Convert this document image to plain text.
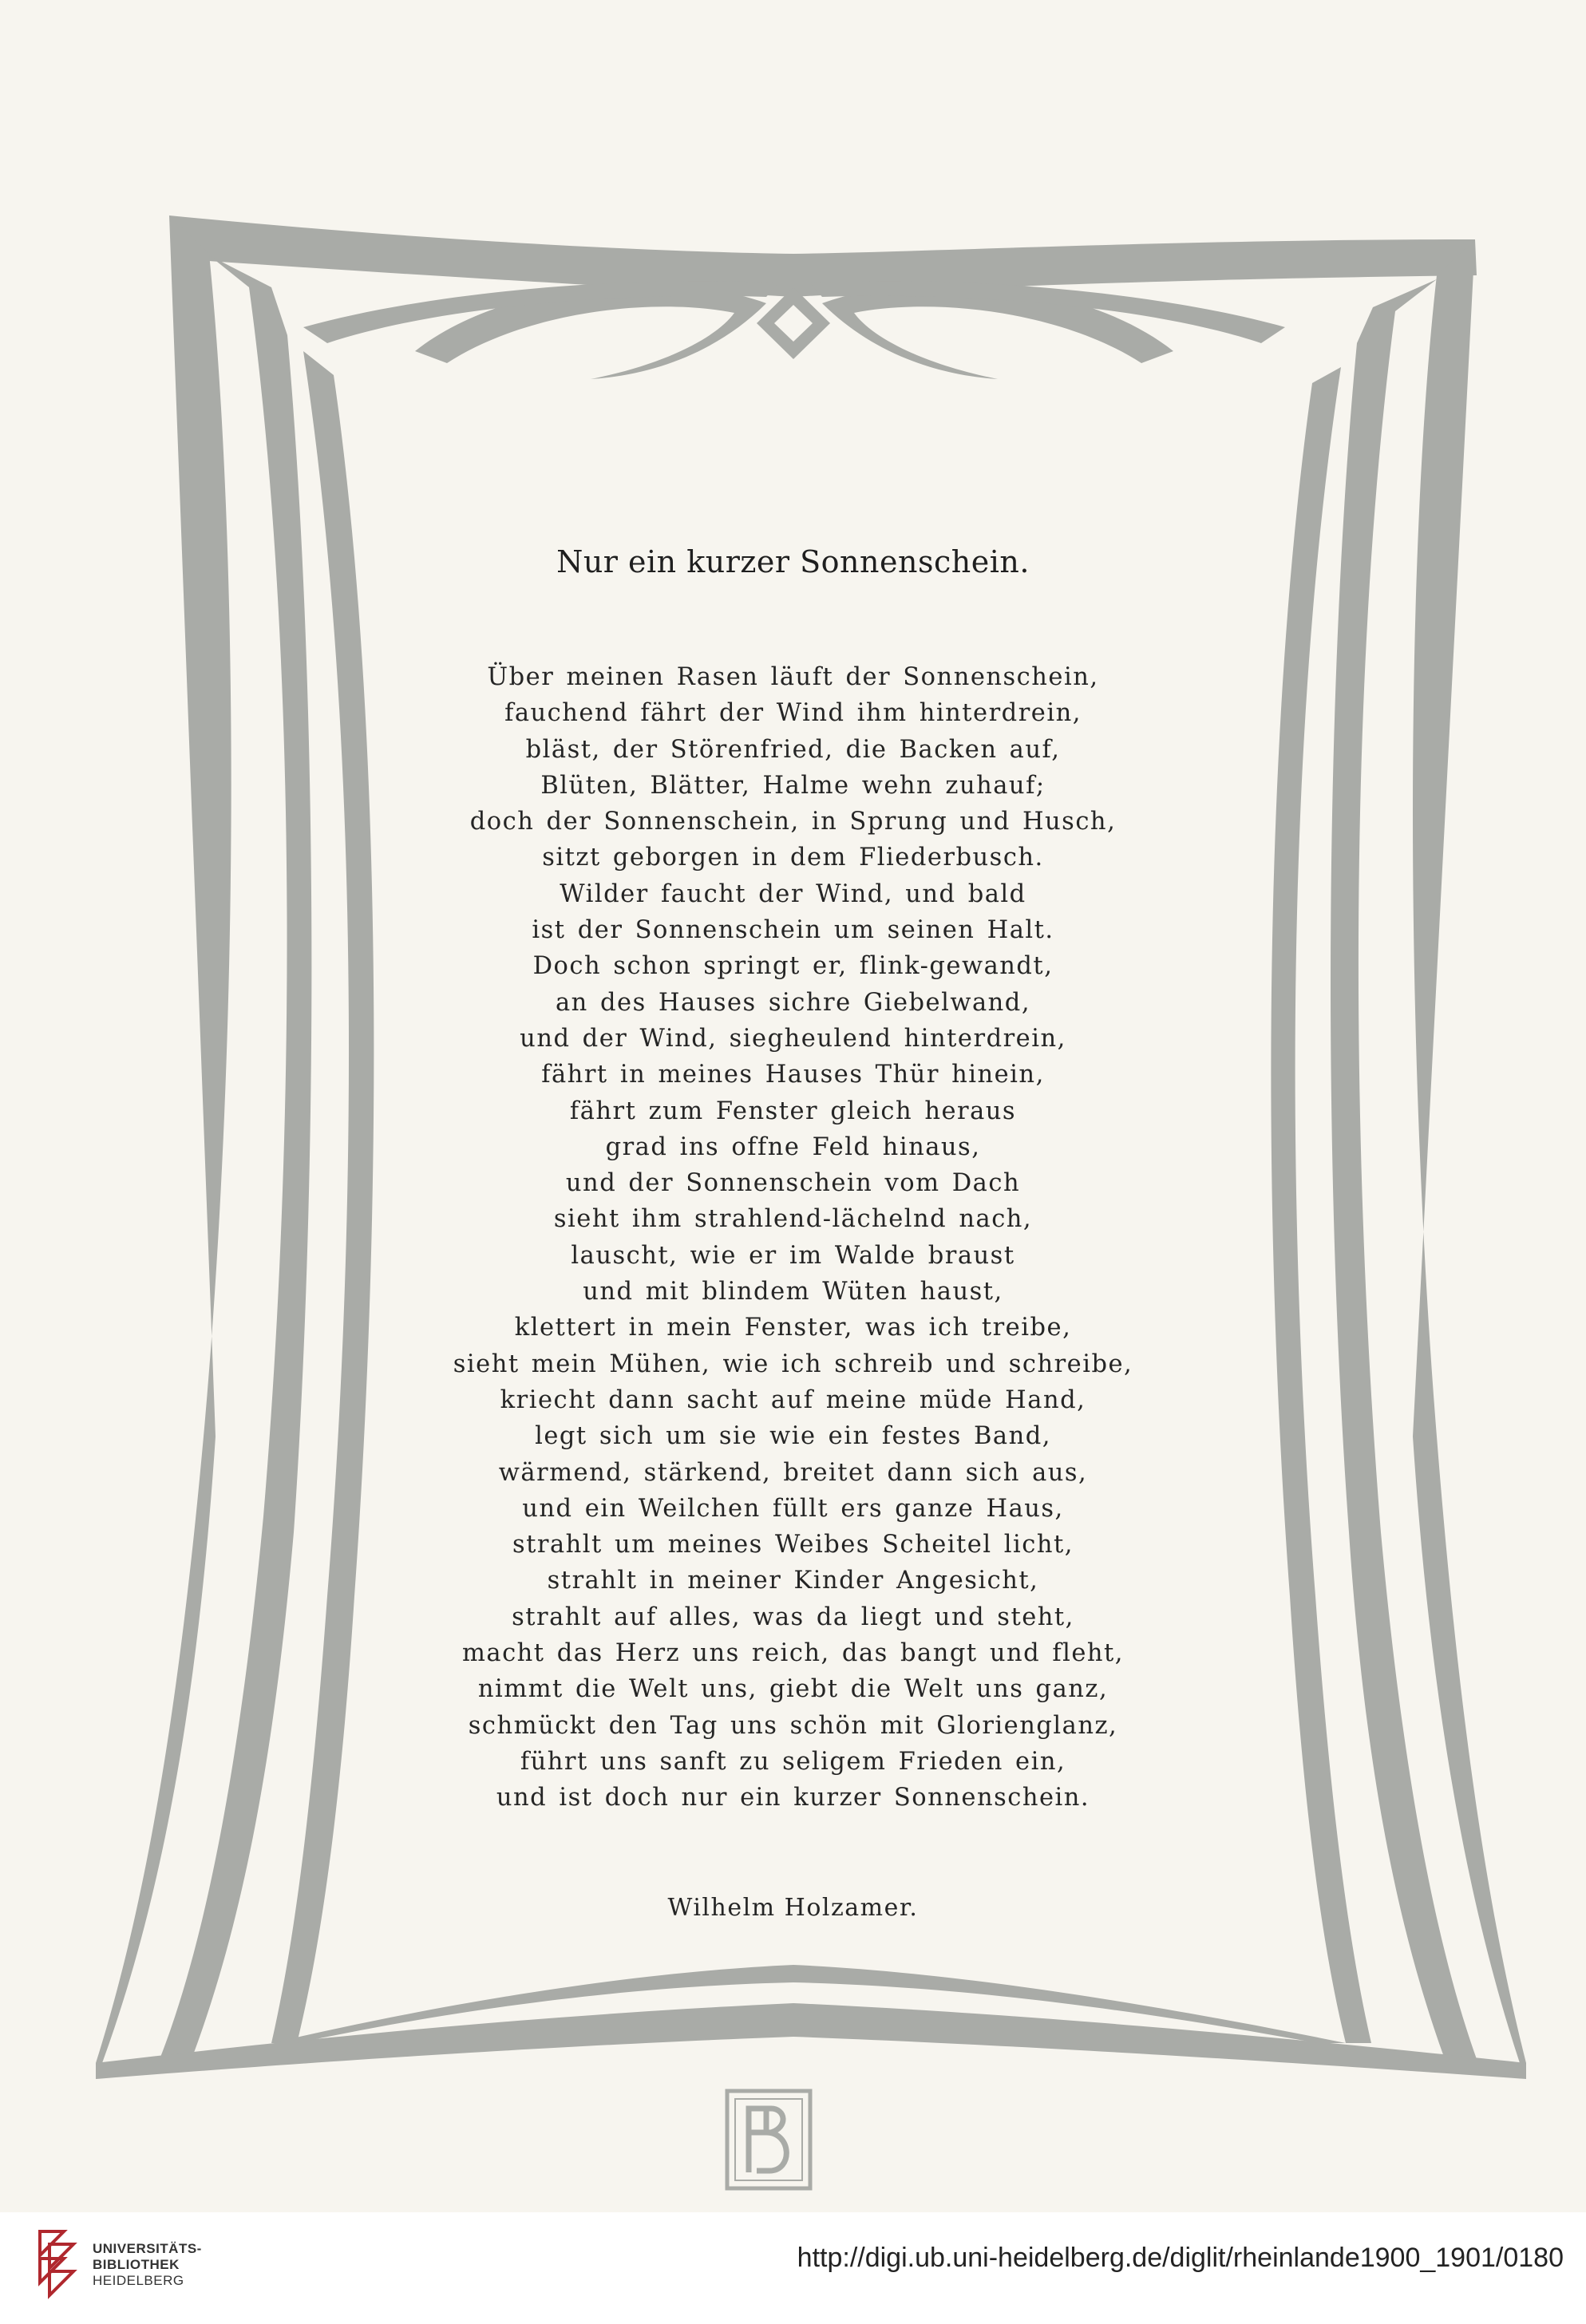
Nur ein kurzer Sonnenschein.
Über meinen Rasen läuft der Sonnenschein,
fauchend fährt der Wind ihm hinterdrein,
bläst, der Störenfried, die Backen auf,
Blüten, Blätter, Halme wehn zuhauf;
doch der Sonnenschein, in Sprung und Husch,
sitzt geborgen in dem Fliederbusch.
Wilder faucht der Wind, und bald
ist der Sonnenschein um seinen Halt.
Doch schon springt er, flink-gewandt,
an des Hauses sichre Giebelwand,
und der Wind, siegheulend hinterdrein,
fährt in meines Hauses Thür hinein,
fährt zum Fenster gleich heraus
grad ins offne Feld hinaus,
und der Sonnenschein vom Dach
sieht ihm strahlend-lächelnd nach,
lauscht, wie er im Walde braust
und mit blindem Wüten haust,
klettert in mein Fenster, was ich treibe,
sieht mein Mühen, wie ich schreib und schreibe,
kriecht dann sacht auf meine müde Hand,
legt sich um sie wie ein festes Band,
wärmend, stärkend, breitet dann sich aus,
und ein Weilchen füllt ers ganze Haus,
strahlt um meines Weibes Scheitel licht,
strahlt in meiner Kinder Angesicht,
strahlt auf alles, was da liegt und steht,
macht das Herz uns reich, das bangt und fleht,
nimmt die Welt uns, giebt die Welt uns ganz,
schmückt den Tag uns schön mit Glorienglanz,
führt uns sanft zu seligem Frieden ein,
und ist doch nur ein kurzer Sonnenschein.
Wilhelm Holzamer.
UNIVERSITÄTS-
BIBLIOTHEK
HEIDELBERG
http://digi.ub.uni-heidelberg.de/diglit/rheinlande1900_1901/0180
